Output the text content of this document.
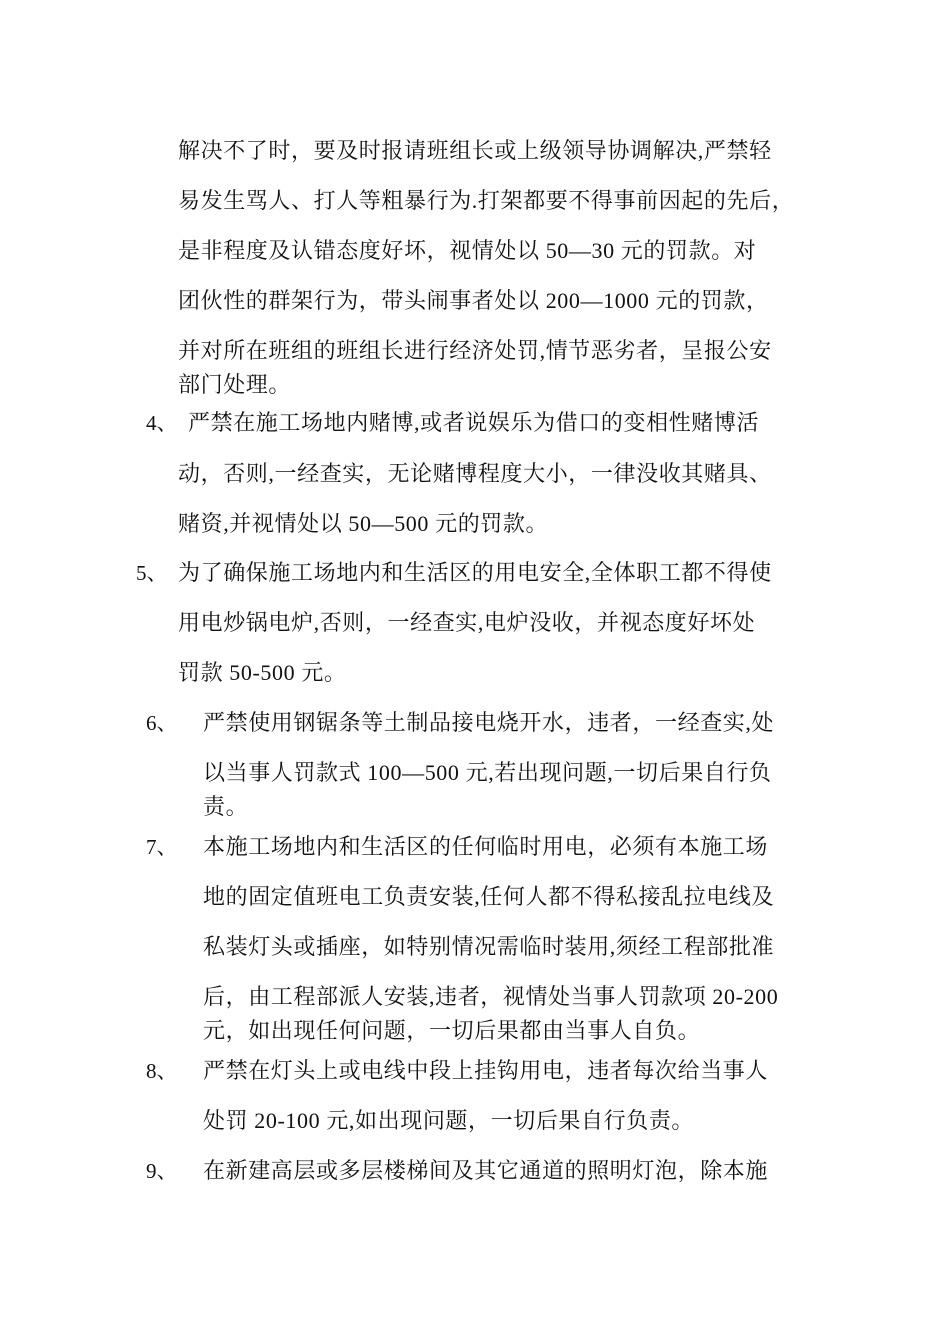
解决不了时，要及时报请班组长或上级领导协调解决,严禁轻
易发生骂人、打人等粗暴行为.打架都要不得事前因起的先后，
是非程度及认错态度好坏，视情处以 50—30 元的罚款。对
团伙性的群架行为，带头闹事者处以 200—1000 元的罚款，
并对所在班组的班组长进行经济处罚,情节恶劣者，呈报公安
部门处理。
4、 严禁在施工场地内赌博,或者说娱乐为借口的变相性赌博活
动，否则,一经查实，无论赌博程度大小，一律没收其赌具、
赌资,并视情处以 50—500 元的罚款。
5、 为了确保施工场地内和生活区的用电安全,全体职工都不得使
用电炒锅电炉,否则，一经查实,电炉没收，并视态度好坏处
罚款 50-500 元。
6、 严禁使用钢锯条等土制品接电烧开水，违者，一经查实,处
以当事人罚款式 100—500 元,若出现问题,一切后果自行负
责。
7、 本施工场地内和生活区的任何临时用电，必须有本施工场
地的固定值班电工负责安装,任何人都不得私接乱拉电线及
私装灯头或插座，如特别情况需临时装用,须经工程部批准
后，由工程部派人安装,违者，视情处当事人罚款项 20-200
元，如出现任何问题，一切后果都由当事人自负。
8、 严禁在灯头上或电线中段上挂钩用电，违者每次给当事人
处罚 20-100 元,如出现问题，一切后果自行负责。
9、 在新建高层或多层楼梯间及其它通道的照明灯泡，除本施
